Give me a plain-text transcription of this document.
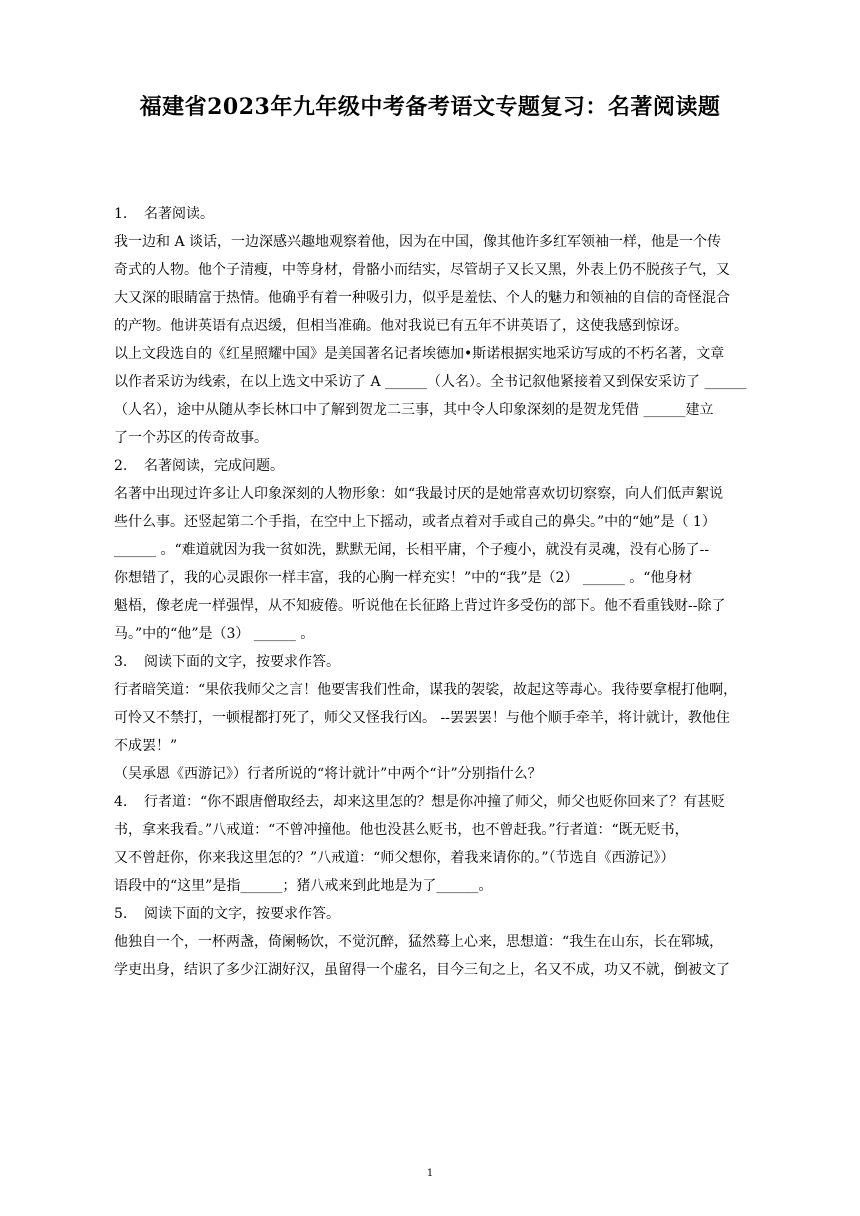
福建省2023年九年级中考备考语文专题复习：名著阅读题
1. 名著阅读。
我一边和 A 谈话，一边深感兴趣地观察着他，因为在中国，像其他许多红军领袖一样，他是一个传
奇式的人物。他个子清瘦，中等身材，骨骼小而结实，尽管胡子又长又黑，外表上仍不脱孩子气，又
大又深的眼睛富于热情。他确乎有着一种吸引力，似乎是羞怯、个人的魅力和领袖的自信的奇怪混合
的产物。他讲英语有点迟缓，但相当准确。他对我说已有五年不讲英语了，这使我感到惊讶。
以上文段选自的《红星照耀中国》是美国著名记者埃德加•斯诺根据实地采访写成的不朽名著，文章
以作者采访为线索，在以上选文中采访了 A ______（人名）。全书记叙他紧接着又到保安采访了 ______
（人名），途中从随从李长林口中了解到贺龙二三事，其中令人印象深刻的是贺龙凭借 ______建立
了一个苏区的传奇故事。
2. 名著阅读，完成问题。
名著中出现过许多让人印象深刻的人物形象：如“我最讨厌的是她常喜欢切切察察，向人们低声絮说
些什么事。还竖起第二个手指，在空中上下摇动，或者点着对手或自己的鼻尖。”中的“她”是（ 1）
______ 。“难道就因为我一贫如洗，默默无闻，长相平庸，个子瘦小，就没有灵魂，没有心肠了--
你想错了，我的心灵跟你一样丰富，我的心胸一样充实！”中的“我”是（2） ______ 。“他身材
魁梧，像老虎一样强悍，从不知疲倦。听说他在长征路上背过许多受伤的部下。他不看重钱财--除了
马。”中的“他”是（3） ______ 。
3. 阅读下面的文字，按要求作答。
行者暗笑道：“果依我师父之言！他要害我们性命，谋我的袈裟，故起这等毒心。我待要拿棍打他啊，
可怜又不禁打，一顿棍都打死了，师父又怪我行凶。 --罢罢罢！与他个顺手牵羊，将计就计，教他住
不成罢！”
（吴承恩《西游记》）行者所说的“将计就计”中两个“计”分别指什么？
4. 行者道：“你不跟唐僧取经去，却来这里怎的？想是你冲撞了师父，师父也贬你回来了？有甚贬
书，拿来我看。”八戒道：“不曾冲撞他。他也没甚么贬书，也不曾赶我。”行者道：“既无贬书，
又不曾赶你，你来我这里怎的？”八戒道：“师父想你，着我来请你的。”（节选自《西游记》）
语段中的“这里”是指______；猪八戒来到此地是为了______。
5. 阅读下面的文字，按要求作答。
他独自一个，一杯两盏，倚阑畅饮，不觉沉醉，猛然蓦上心来，思想道：“我生在山东，长在郓城，
学吏出身，结识了多少江湖好汉，虽留得一个虚名，目今三旬之上，名又不成，功又不就，倒被文了
1
